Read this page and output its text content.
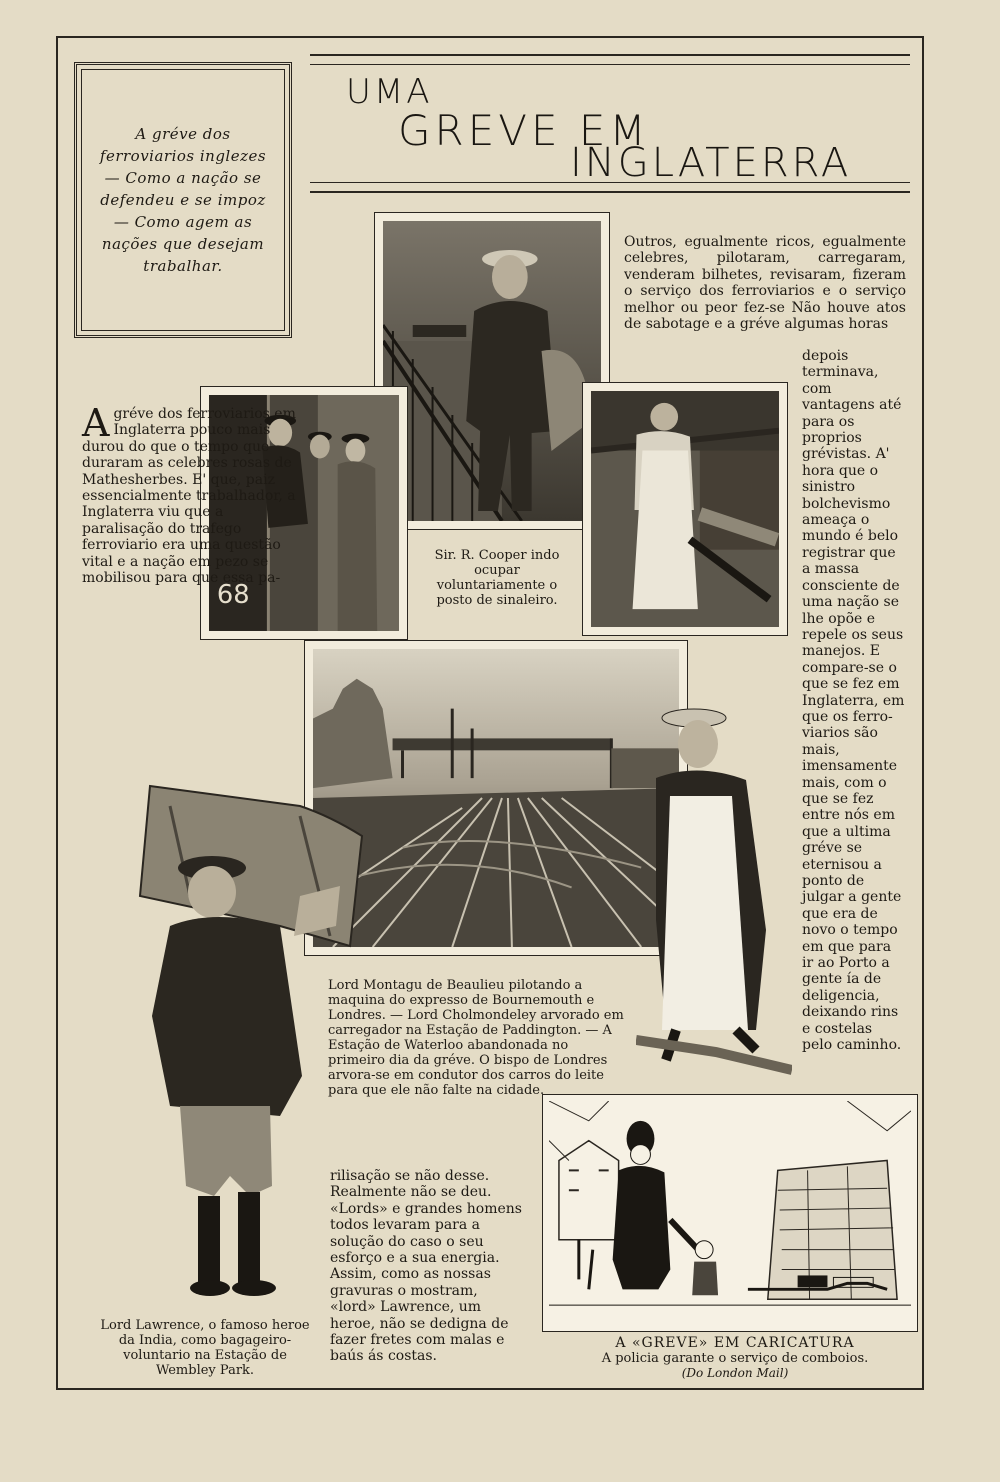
A gréve dos ferroviarios inglezes— Como a nação se defendeu e se impoz— Como agem as nações que desejam trabalhar.

UMA
GREVE EM
INGLATERRA
68

A gréve dos ferroviarios em Inglaterra pouco mais durou do que o tempo que duraram as celebres rosas de Mathesherbes. E' que, paiz essencialmente trabalhador, a Inglaterra viu que a paralisação do trafego ferroviario era uma questão vital e a nação em pezo se mobilisou para que essa pa-

Outros, egualmente ricos, egualmente celebres, pilotaram, carregaram, venderam bilhetes, revisaram, fizeram o serviço dos ferroviarios e o serviço melhor ou peor fez-se Não houve atos de sabotage e a gréve algumas horas

depois terminava, com vantagens até para os proprios grévistas. A' hora que o sinistro bolchevismo ameaça o mundo é belo registrar que a massa consciente de uma nação se lhe opõe e repele os seus manejos. E compare-se o que se fez em Inglaterra, em que os ferro-viarios são mais, imensamente mais, com o que se fez entre nós em que a ultima gréve se eternisou a ponto de julgar a gente que era de novo o tempo em que para ir ao Porto a gente ía de deligencia, deixando rins e costelas pelo caminho.

rilisação se não desse. Realmente não se deu. «Lords» e grandes homens todos levaram para a solução do caso o seu esforço e a sua energia. Assim, como as nossas gravuras o mostram, «lord» Lawrence, um heroe, não se dedigna de fazer fretes com malas e baús ás costas.

Sir. R. Cooper indo ocupar voluntariamente o posto de sinaleiro.

Lord Montagu de Beaulieu pilotando a maquina do expresso de Bournemouth e Londres. — Lord Cholmondeley arvorado em carregador na Estação de Paddington. — A Estação de Waterloo abandonada no primeiro dia da gréve. O bispo de Londres arvora-se em condutor dos carros do leite para que ele não falte na cidade.

Lord Lawrence, o famoso heroe da India, como bagageiro-voluntario na Estação de Wembley Park.

A «GREVE» EM CARICATURA
A policia garante o serviço de comboios.
(Do London Mail)
